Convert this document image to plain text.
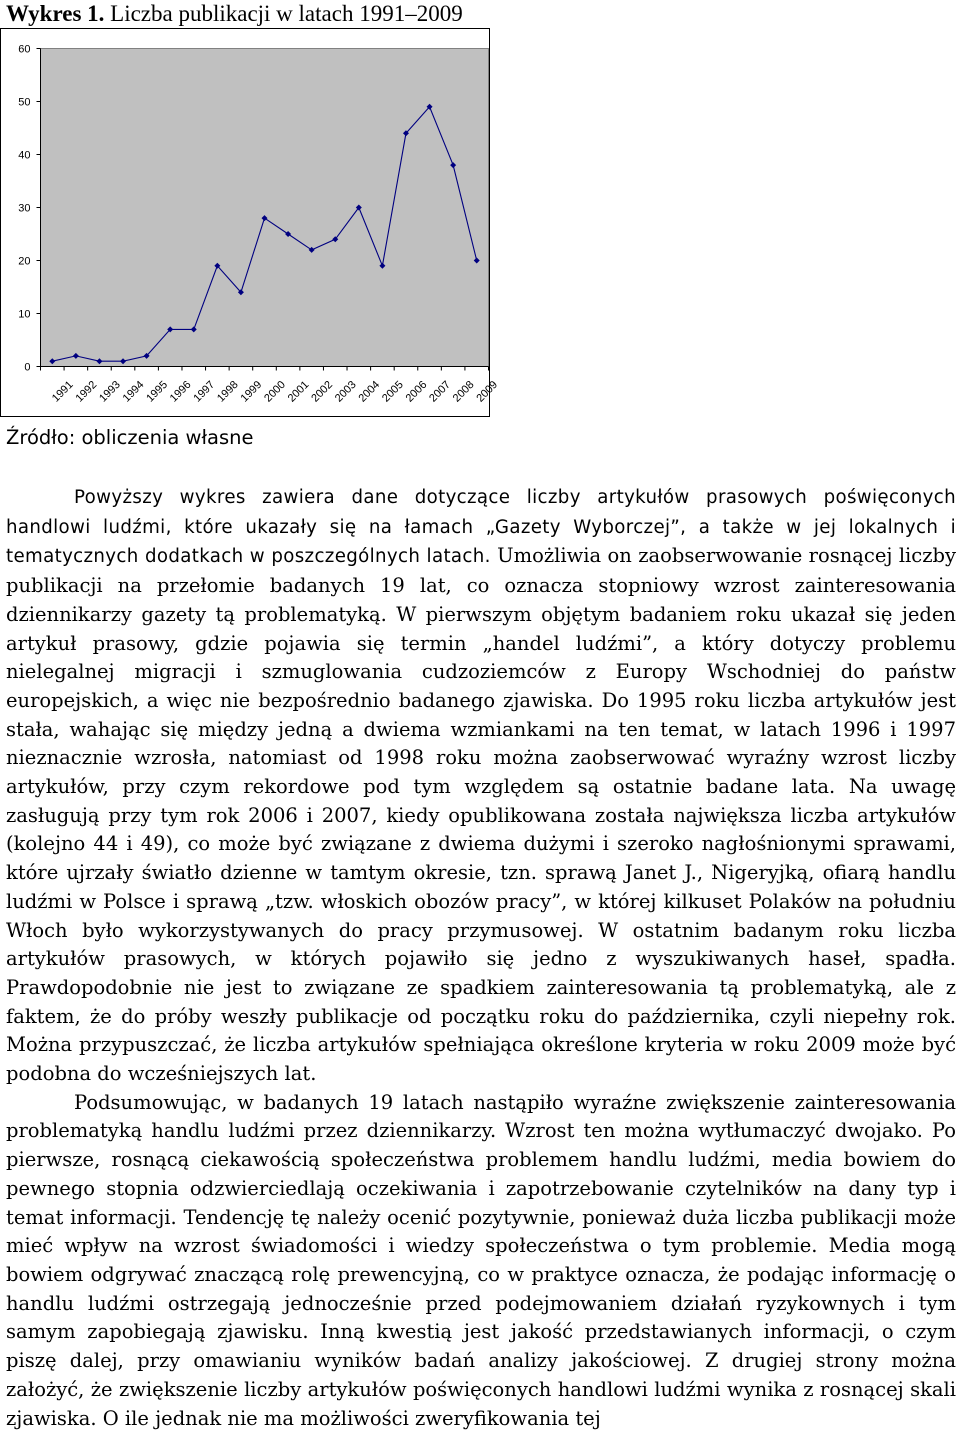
Wykres 1. Liczba publikacji w latach 1991–2009
0
10
20
30
40
50
60
1991
1992
1993
1994
1995
1996
1997
1998
1999
2000
2001
2002
2003
2004
2005
2006
2007
2008
2009
Źródło: obliczenia własne

Powyższy wykres zawiera dane dotyczące liczby artykułów prasowych poświęconych handlowi ludźmi, które ukazały się na łamach „Gazety Wyborczej”, a także w jej lokalnych i tematycznych dodatkach w poszczególnych latach. Umożliwia on zaobserwowanie rosnącej liczby publikacji na przełomie badanych 19 lat, co oznacza stopniowy wzrost zainteresowania dziennikarzy gazety tą problematyką. W pierwszym objętym badaniem roku ukazał się jeden artykuł prasowy, gdzie pojawia się termin „handel ludźmi”, a który dotyczy problemu nielegalnej migracji i szmuglowania cudzoziemców z Europy Wschodniej do państw europejskich, a więc nie bezpośrednio badanego zjawiska. Do 1995 roku liczba artykułów jest stała, wahając się między jedną a dwiema wzmiankami na ten temat, w latach 1996 i 1997 nieznacznie wzrosła, natomiast od 1998 roku można zaobserwować wyraźny wzrost liczby artykułów, przy czym rekordowe pod tym względem są ostatnie badane lata. Na uwagę zasługują przy tym rok 2006 i 2007, kiedy opublikowana została największa liczba artykułów (kolejno 44 i 49), co może być związane z dwiema dużymi i szeroko nagłośnionymi sprawami, które ujrzały światło dzienne w tamtym okresie, tzn. sprawą Janet J., Nigeryjką, ofiarą handlu ludźmi w Polsce i sprawą „tzw. włoskich obozów pracy”, w której kilkuset Polaków na południu Włoch było wykorzystywanych do pracy przymusowej. W ostatnim badanym roku liczba artykułów prasowych, w których pojawiło się jedno z wyszukiwanych haseł, spadła. Prawdopodobnie nie jest to związane ze spadkiem zainteresowania tą problematyką, ale z faktem, że do próby weszły publikacje od początku roku do października, czyli niepełny rok. Można przypuszczać, że liczba artykułów spełniająca określone kryteria w roku 2009 może być podobna do wcześniejszych lat.

Podsumowując, w badanych 19 latach nastąpiło wyraźne zwiększenie zainteresowania problematyką handlu ludźmi przez dziennikarzy. Wzrost ten można wytłumaczyć dwojako. Po pierwsze, rosnącą ciekawością społeczeństwa problemem handlu ludźmi, media bowiem do pewnego stopnia odzwierciedlają oczekiwania i zapotrzebowanie czytelników na dany typ i temat informacji. Tendencję tę należy ocenić pozytywnie, ponieważ duża liczba publikacji może mieć wpływ na wzrost świadomości i wiedzy społeczeństwa o tym problemie. Media mogą bowiem odgrywać znaczącą rolę prewencyjną, co w praktyce oznacza, że podając informację o handlu ludźmi ostrzegają jednocześnie przed podejmowaniem działań ryzykownych i tym samym zapobiegają zjawisku. Inną kwestią jest jakość przedstawianych informacji, o czym piszę dalej, przy omawianiu wyników badań analizy jakościowej. Z drugiej strony można założyć, że zwiększenie liczby artykułów poświęconych handlowi ludźmi wynika z rosnącej skali zjawiska. O ile jednak nie ma możliwości zweryfikowania tej
